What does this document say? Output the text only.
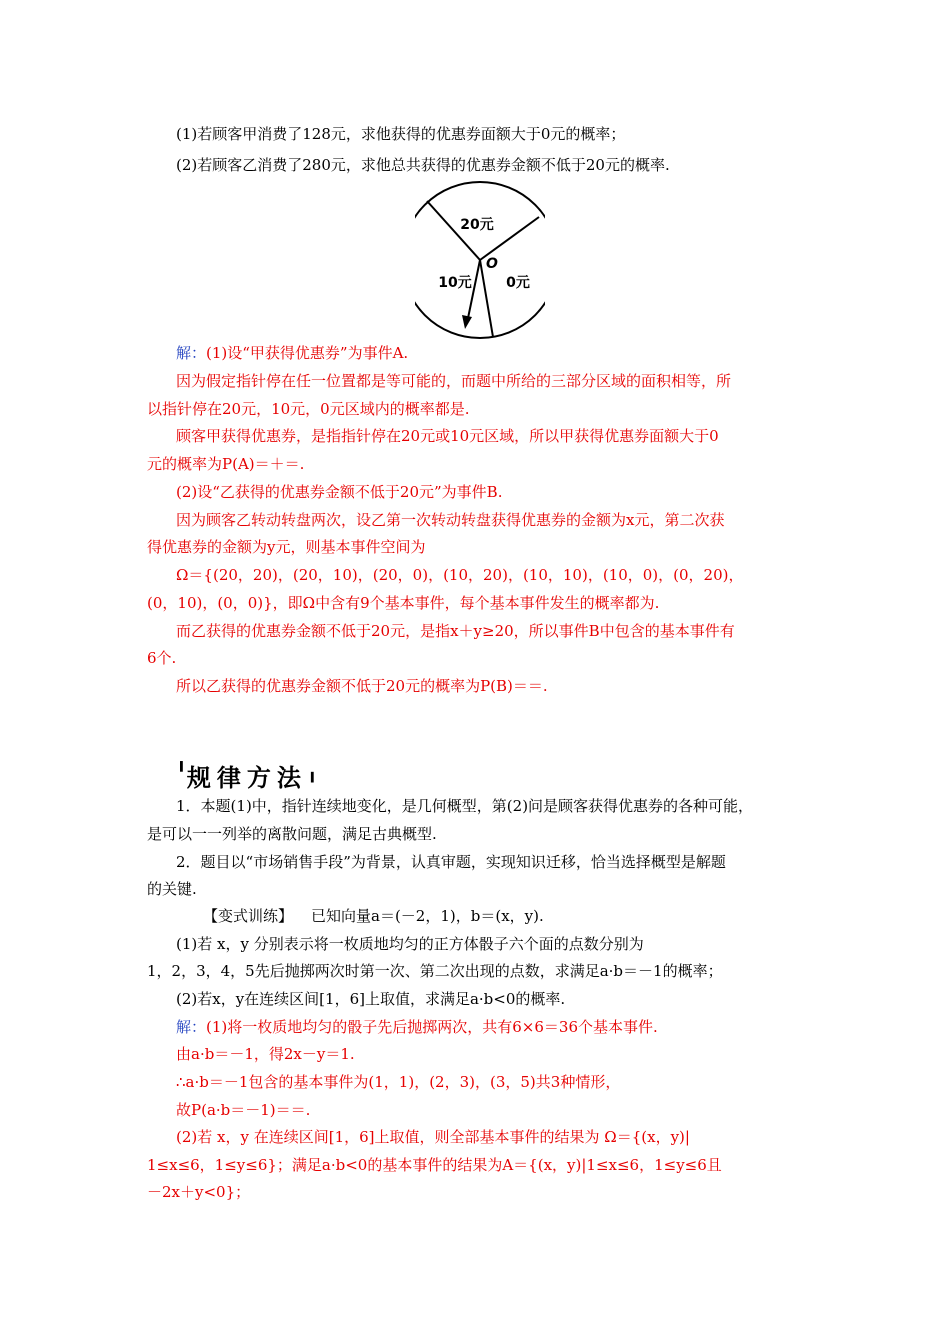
(1)若顾客甲消费了128元，求他获得的优惠券面额大于0元的概率；
(2)若顾客乙消费了280元，求他总共获得的优惠券金额不低于20元的概率.
20元
10元 0元
O
解：(1)设“甲获得优惠券”为事件A.
因为假定指针停在任一位置都是等可能的，而题中所给的三部分区域的面积相等，所
以指针停在20元，10元，0元区域内的概率都是.
顾客甲获得优惠券，是指指针停在20元或10元区域，所以甲获得优惠券面额大于0
元的概率为P(A)＝＋＝.
(2)设“乙获得的优惠券金额不低于20元”为事件B.
因为顾客乙转动转盘两次，设乙第一次转动转盘获得优惠券的金额为x元，第二次获
得优惠券的金额为y元，则基本事件空间为
Ω＝{(20，20)，(20，10)，(20，0)，(10，20)，(10，10)，(10，0)，(0，20)，
(0，10)，(0，0)}，即Ω中含有9个基本事件，每个基本事件发生的概率都为.
而乙获得的优惠券金额不低于20元，是指x＋y≥20，所以事件B中包含的基本事件有
6个.
所以乙获得的优惠券金额不低于20元的概率为P(B)＝＝.
╹规律方法╻
1．本题(1)中，指针连续地变化，是几何概型，第(2)问是顾客获得优惠券的各种可能，
是可以一一列举的离散问题，满足古典概型.
2．题目以“市场销售手段”为背景，认真审题，实现知识迁移，恰当选择概型是解题
的关键.
【变式训练】 已知向量a＝(－2，1)，b＝(x，y).
(1)若 x，y 分别表示将一枚质地均匀的正方体骰子六个面的点数分别为
1，2，3，4，5先后抛掷两次时第一次、第二次出现的点数，求满足a·b＝－1的概率；
(2)若x，y在连续区间[1，6]上取值，求满足a·b<0的概率.
解：(1)将一枚质地均匀的骰子先后抛掷两次，共有6×6＝36个基本事件.
由a·b＝－1，得2x－y＝1.
∴a·b＝－1包含的基本事件为(1，1)，(2，3)，(3，5)共3种情形，
故P(a·b＝－1)＝＝.
(2)若 x，y 在连续区间[1，6]上取值，则全部基本事件的结果为 Ω＝{(x，y)|
1≤x≤6，1≤y≤6}；满足a·b<0的基本事件的结果为A＝{(x，y)|1≤x≤6，1≤y≤6且
－2x＋y<0}；
